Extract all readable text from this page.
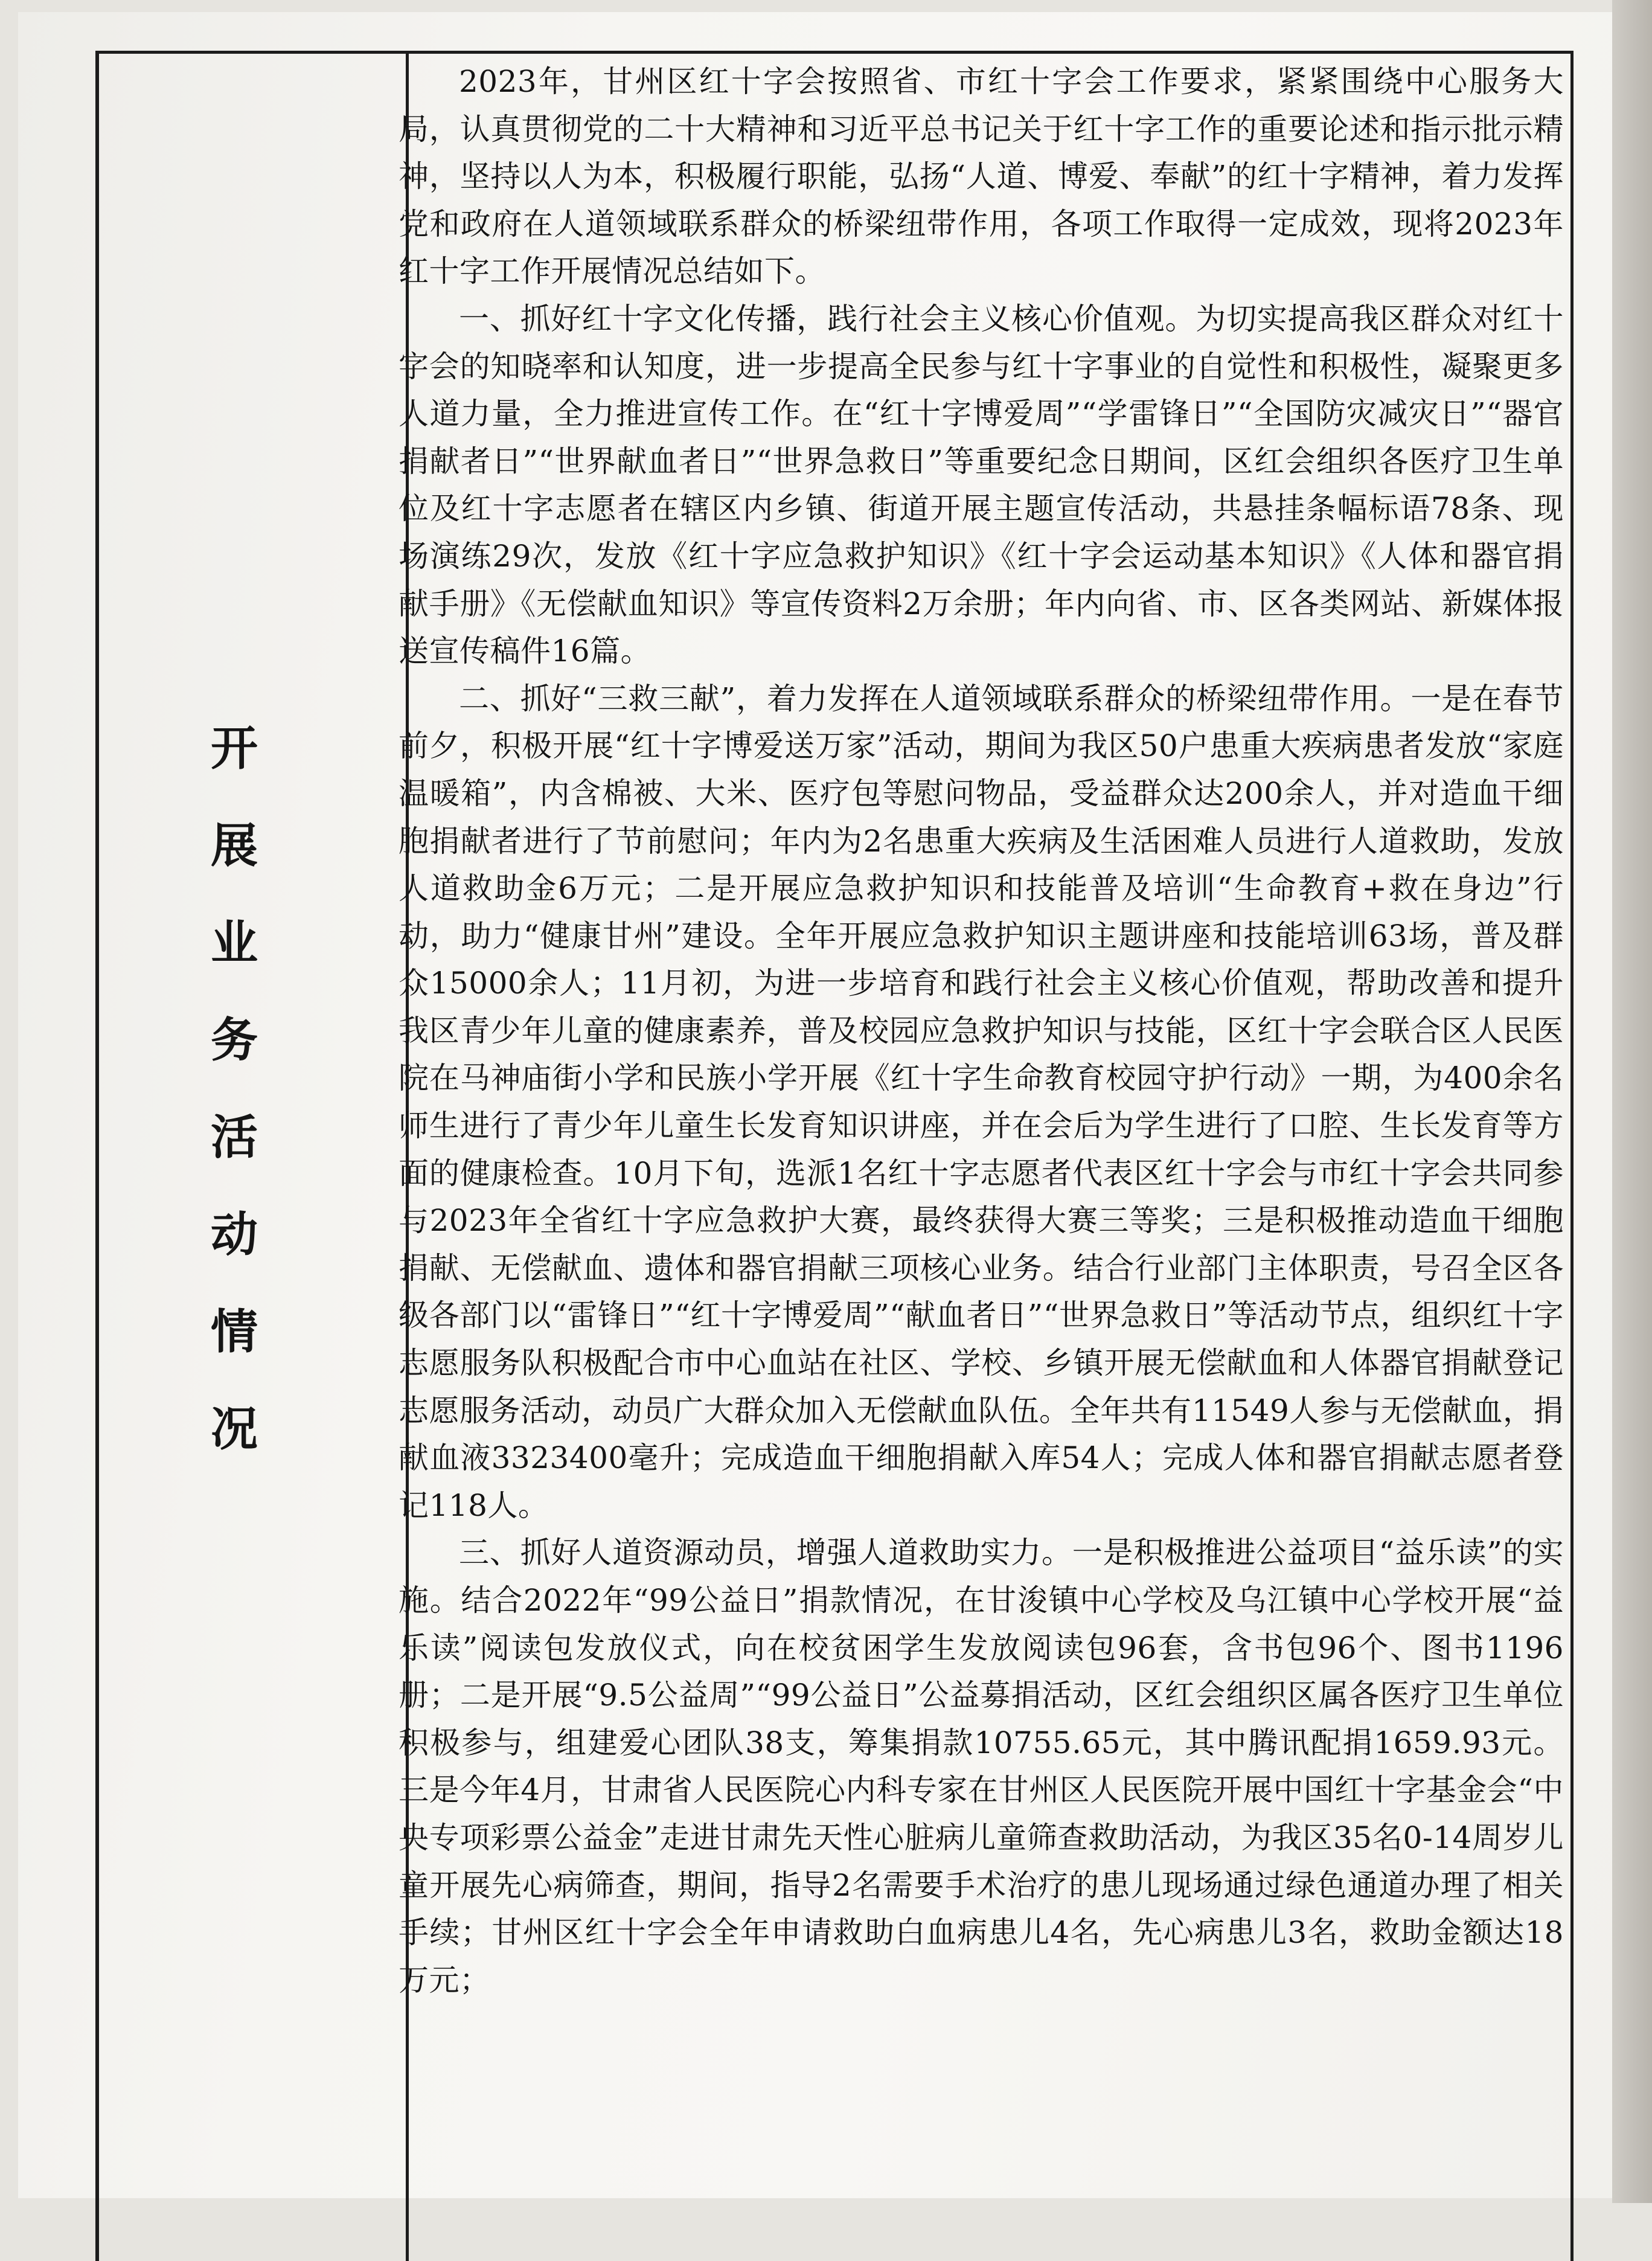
开
展
业
务
活
动
情
况

2023年，甘州区红十字会按照省、市红十字会工作要求，紧紧围绕中心服务大局，认真贯彻党的二十大精神和习近平总书记关于红十字工作的重要论述和指示批示精神，坚持以人为本，积极履行职能，弘扬“人道、博爱、奉献”的红十字精神，着力发挥党和政府在人道领域联系群众的桥梁纽带作用，各项工作取得一定成效，现将2023年红十字工作开展情况总结如下。

一、抓好红十字文化传播，践行社会主义核心价值观。为切实提高我区群众对红十字会的知晓率和认知度，进一步提高全民参与红十字事业的自觉性和积极性，凝聚更多人道力量，全力推进宣传工作。在“红十字博爱周”“学雷锋日”“全国防灾减灾日”“器官捐献者日”“世界献血者日”“世界急救日”等重要纪念日期间，区红会组织各医疗卫生单位及红十字志愿者在辖区内乡镇、街道开展主题宣传活动，共悬挂条幅标语78条、现场演练29次，发放《红十字应急救护知识》《红十字会运动基本知识》《人体和器官捐献手册》《无偿献血知识》等宣传资料2万余册；年内向省、市、区各类网站、新媒体报送宣传稿件16篇。

二、抓好“三救三献”，着力发挥在人道领域联系群众的桥梁纽带作用。一是在春节前夕，积极开展“红十字博爱送万家”活动，期间为我区50户患重大疾病患者发放“家庭温暖箱”，内含棉被、大米、医疗包等慰问物品，受益群众达200余人，并对造血干细胞捐献者进行了节前慰问；年内为2名患重大疾病及生活困难人员进行人道救助，发放人道救助金6万元；二是开展应急救护知识和技能普及培训“生命教育+救在身边”行动，助力“健康甘州”建设。全年开展应急救护知识主题讲座和技能培训63场，普及群众15000余人；11月初，为进一步培育和践行社会主义核心价值观，帮助改善和提升我区青少年儿童的健康素养，普及校园应急救护知识与技能，区红十字会联合区人民医院在马神庙街小学和民族小学开展《红十字生命教育校园守护行动》一期，为400余名师生进行了青少年儿童生长发育知识讲座，并在会后为学生进行了口腔、生长发育等方面的健康检查。10月下旬，选派1名红十字志愿者代表区红十字会与市红十字会共同参与2023年全省红十字应急救护大赛，最终获得大赛三等奖；三是积极推动造血干细胞捐献、无偿献血、遗体和器官捐献三项核心业务。结合行业部门主体职责，号召全区各级各部门以“雷锋日”“红十字博爱周”“献血者日”“世界急救日”等活动节点，组织红十字志愿服务队积极配合市中心血站在社区、学校、乡镇开展无偿献血和人体器官捐献登记志愿服务活动，动员广大群众加入无偿献血队伍。全年共有11549人参与无偿献血，捐献血液3323400毫升；完成造血干细胞捐献入库54人；完成人体和器官捐献志愿者登记118人。

三、抓好人道资源动员，增强人道救助实力。一是积极推进公益项目“益乐读”的实施。结合2022年“99公益日”捐款情况，在甘浚镇中心学校及乌江镇中心学校开展“益乐读”阅读包发放仪式，向在校贫困学生发放阅读包96套，含书包96个、图书1196册；二是开展“9.5公益周”“99公益日”公益募捐活动，区红会组织区属各医疗卫生单位积极参与，组建爱心团队38支，筹集捐款10755.65元，其中腾讯配捐1659.93元。三是今年4月，甘肃省人民医院心内科专家在甘州区人民医院开展中国红十字基金会“中央专项彩票公益金”走进甘肃先天性心脏病儿童筛查救助活动，为我区35名0-14周岁儿童开展先心病筛查，期间，指导2名需要手术治疗的患儿现场通过绿色通道办理了相关手续；甘州区红十字会全年申请救助白血病患儿4名，先心病患儿3名，救助金额达18万元；
